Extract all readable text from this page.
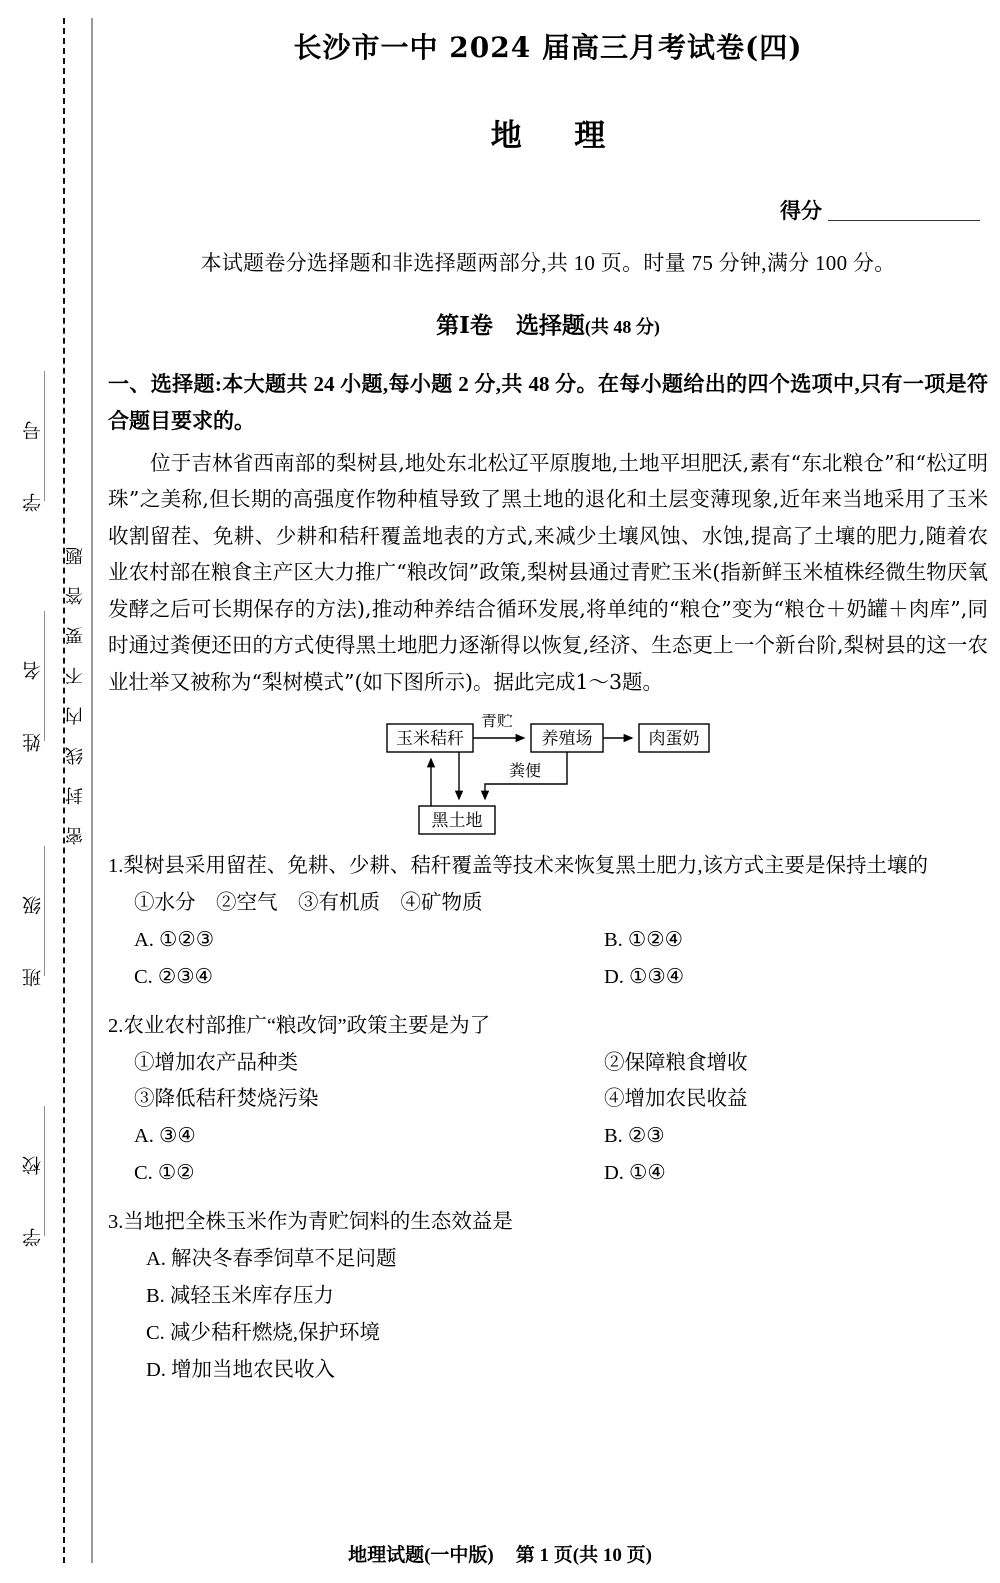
密封线内不要答题
学 号
姓 名
班 级
学 校
长沙市一中 2024 届高三月考试卷(四)
地 理
得分
本试题卷分选择题和非选择题两部分,共 10 页。时量 75 分钟,满分 100 分。
第Ⅰ卷　选择题(共 48 分)
一、选择题:本大题共 24 小题,每小题 2 分,共 48 分。在每小题给出的四个选项中,只有一项是符合题目要求的。
位于吉林省西南部的梨树县,地处东北松辽平原腹地,土地平坦肥沃,素有“东北粮仓”和“松辽明珠”之美称,但长期的高强度作物种植导致了黑土地的退化和土层变薄现象,近年来当地采用了玉米收割留茬、免耕、少耕和秸秆覆盖地表的方式,来减少土壤风蚀、水蚀,提高了土壤的肥力,随着农业农村部在粮食主产区大力推广“粮改饲”政策,梨树县通过青贮玉米(指新鲜玉米植株经微生物厌氧发酵之后可长期保存的方法),推动种养结合循环发展,将单纯的“粮仓”变为“粮仓＋奶罐＋肉库”,同时通过粪便还田的方式使得黑土地肥力逐渐得以恢复,经济、生态更上一个新台阶,梨树县的这一农业壮举又被称为“梨树模式”(如下图所示)。据此完成1～3题。
玉米秸秆	养殖场	肉蛋奶
黑土地
青贮
粪便
1.梨树县采用留茬、免耕、少耕、秸秆覆盖等技术来恢复黑土肥力,该方式主要是保持土壤的
①水分　②空气　③有机质　④矿物质
A. ①②③	B. ①②④
C. ②③④	D. ①③④
2.农业农村部推广“粮改饲”政策主要是为了
①增加农产品种类	②保障粮食增收
③降低秸秆焚烧污染	④增加农民收益
A. ③④	B. ②③
C. ①②	D. ①④
3.当地把全株玉米作为青贮饲料的生态效益是
A. 解决冬春季饲草不足问题
B. 减轻玉米库存压力
C. 减少秸秆燃烧,保护环境
D. 增加当地农民收入
地理试题(一中版) 第 1 页(共 10 页)
